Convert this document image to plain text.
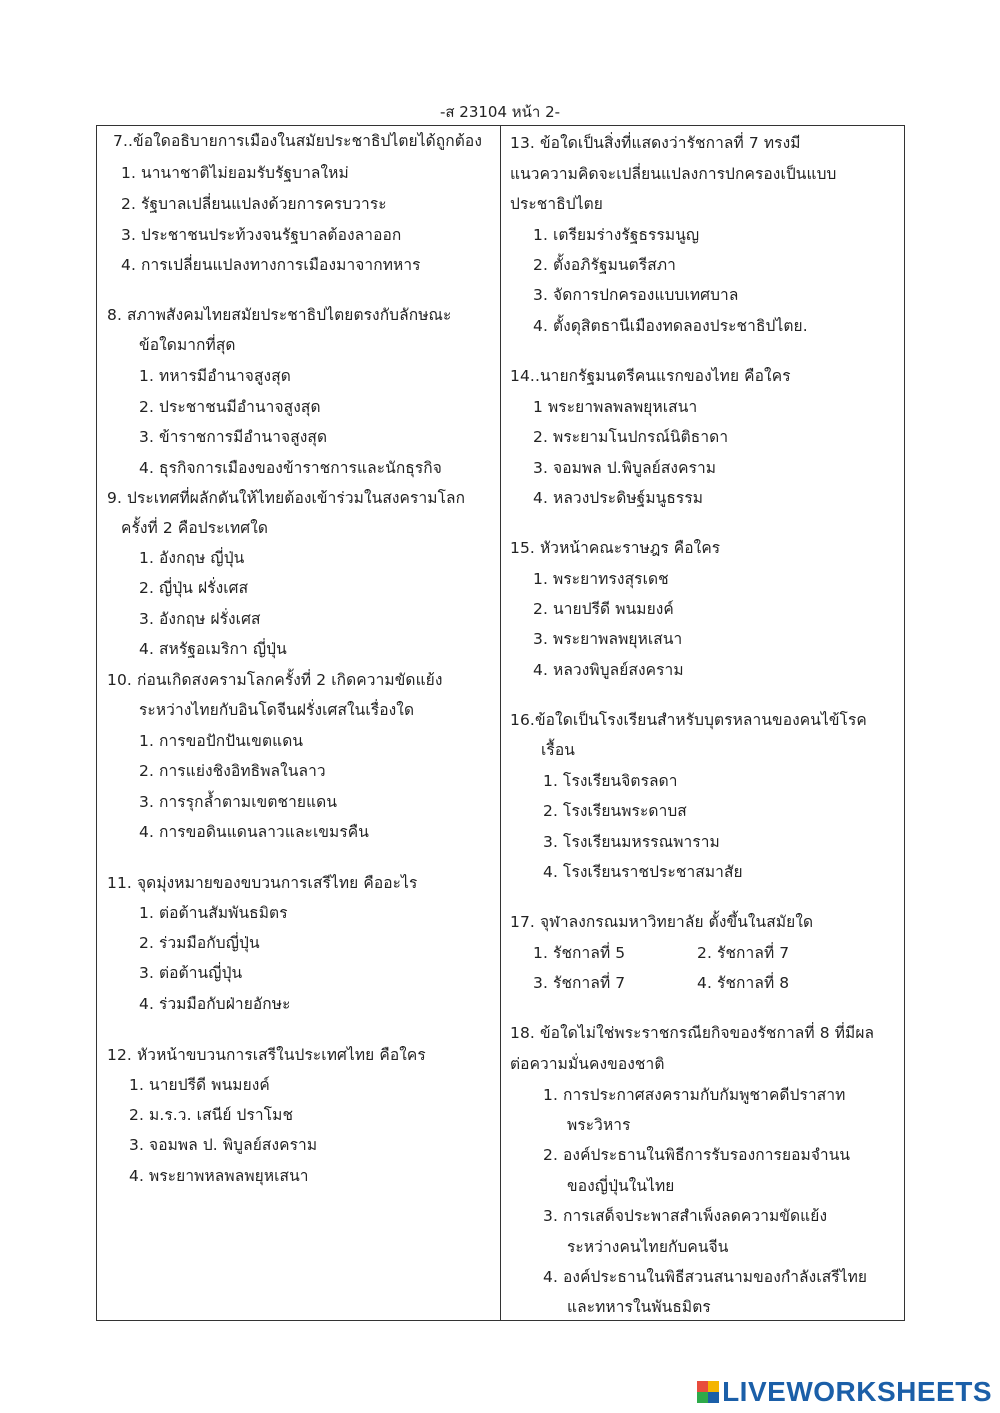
-ส 23104 หน้า 2-
7..ข้อใดอธิบายการเมืองในสมัยประชาธิปไตยได้ถูกต้อง
1. นานาชาติไม่ยอมรับรัฐบาลใหม่
2. รัฐบาลเปลี่ยนแปลงด้วยการครบวาระ
3. ประชาชนประท้วงจนรัฐบาลต้องลาออก
4. การเปลี่ยนแปลงทางการเมืองมาจากทหาร
8. สภาพสังคมไทยสมัยประชาธิปไตยตรงกับลักษณะ
ข้อใดมากที่สุด
1. ทหารมีอำนาจสูงสุด
2. ประชาชนมีอำนาจสูงสุด
3. ข้าราชการมีอำนาจสูงสุด
4. ธุรกิจการเมืองของข้าราชการและนักธุรกิจ
9. ประเทศที่ผลักดันให้ไทยต้องเข้าร่วมในสงครามโลก
ครั้งที่ 2 คือประเทศใด
1. อังกฤษ ญี่ปุ่น
2. ญี่ปุ่น ฝรั่งเศส
3. อังกฤษ ฝรั่งเศส
4. สหรัฐอเมริกา ญี่ปุ่น
10. ก่อนเกิดสงครามโลกครั้งที่ 2 เกิดความขัดแย้ง
ระหว่างไทยกับอินโดจีนฝรั่งเศสในเรื่องใด
1. การขอปักปันเขตแดน
2. การแย่งชิงอิทธิพลในลาว
3. การรุกล้ำตามเขตชายแดน
4. การขอดินแดนลาวและเขมรคืน
11. จุดมุ่งหมายของขบวนการเสรีไทย คืออะไร
1. ต่อต้านสัมพันธมิตร
2. ร่วมมือกับญี่ปุ่น
3. ต่อต้านญี่ปุ่น
4. ร่วมมือกับฝ่ายอักษะ
12. หัวหน้าขบวนการเสรีในประเทศไทย คือใคร
1. นายปรีดี พนมยงค์
2. ม.ร.ว. เสนีย์ ปราโมช
3. จอมพล ป. พิบูลย์สงคราม
4. พระยาพหลพลพยุหเสนา
13. ข้อใดเป็นสิ่งที่แสดงว่ารัชกาลที่ 7 ทรงมี
แนวความคิดจะเปลี่ยนแปลงการปกครองเป็นแบบ
ประชาธิปไตย
1. เตรียมร่างรัฐธรรมนูญ
2. ตั้งอภิรัฐมนตรีสภา
3. จัดการปกครองแบบเทศบาล
4. ตั้งดุสิตธานีเมืองทดลองประชาธิปไตย.
14..นายกรัฐมนตรีคนแรกของไทย คือใคร
1 พระยาพลพลพยุหเสนา
2. พระยามโนปกรณ์นิติธาดา
3. จอมพล ป.พิบูลย์สงคราม
4. หลวงประดิษฐ์มนูธรรม
15. หัวหน้าคณะราษฎร คือใคร
1. พระยาทรงสุรเดช
2. นายปรีดี พนมยงค์
3. พระยาพลพยุหเสนา
4. หลวงพิบูลย์สงคราม
16.ข้อใดเป็นโรงเรียนสำหรับบุตรหลานของคนไข้โรค
เรื้อน
1. โรงเรียนจิตรลดา
2. โรงเรียนพระดาบส
3. โรงเรียนมหรรณพาราม
4. โรงเรียนราชประชาสมาสัย
17. จุฬาลงกรณมหาวิทยาลัย ตั้งขึ้นในสมัยใด
1. รัชกาลที่ 5	2. รัชกาลที่ 7
3. รัชกาลที่ 7	4. รัชกาลที่ 8
18. ข้อใดไม่ใช่พระราชกรณียกิจของรัชกาลที่ 8 ที่มีผล
ต่อความมั่นคงของชาติ
1. การประกาศสงครามกับกัมพูชาคดีปราสาท
พระวิหาร
2. องค์ประธานในพิธีการรับรองการยอมจำนน
ของญี่ปุ่นในไทย
3. การเสด็จประพาสสำเพ็งลดความขัดแย้ง
ระหว่างคนไทยกับคนจีน
4. องค์ประธานในพิธีสวนสนามของกำลังเสรีไทย
และทหารในพันธมิตร
LIVEWORKSHEETS
